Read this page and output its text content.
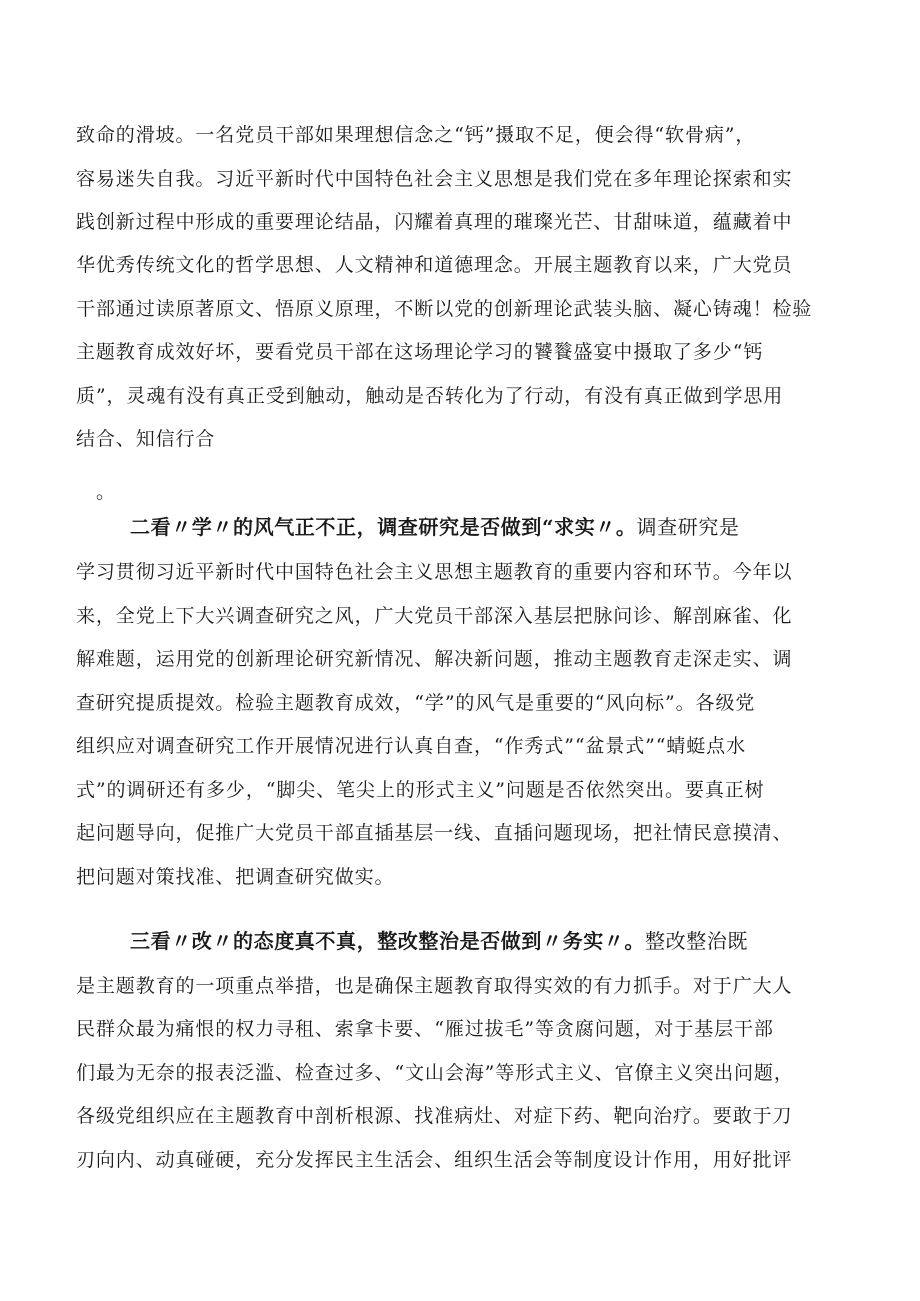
致命的滑坡。一名党员干部如果理想信念之“钙”摄取不足，便会得“软骨病”，
容易迷失自我。习近平新时代中国特色社会主义思想是我们党在多年理论探索和实
践创新过程中形成的重要理论结晶，闪耀着真理的璀璨光芒、甘甜味道，蕴藏着中
华优秀传统文化的哲学思想、人文精神和道德理念。开展主题教育以来，广大党员
干部通过读原著原文、悟原义原理，不断以党的创新理论武装头脑、凝心铸魂！检验
主题教育成效好坏，要看党员干部在这场理论学习的饕餮盛宴中摄取了多少“钙
质”，灵魂有没有真正受到触动，触动是否转化为了行动，有没有真正做到学思用
结合、知信行合
。
二看〃学〃的风气正不正，调查研究是否做到“求实〃。调查研究是
学习贯彻习近平新时代中国特色社会主义思想主题教育的重要内容和环节。今年以
来，全党上下大兴调查研究之风，广大党员干部深入基层把脉问诊、解剖麻雀、化
解难题，运用党的创新理论研究新情况、解决新问题，推动主题教育走深走实、调
查研究提质提效。检验主题教育成效，“学”的风气是重要的“风向标”。各级党
组织应对调查研究工作开展情况进行认真自查，“作秀式”“盆景式”“蜻蜓点水
式”的调研还有多少，“脚尖、笔尖上的形式主义”问题是否依然突出。要真正树
起问题导向，促推广大党员干部直插基层一线、直插问题现场，把社情民意摸清、
把问题对策找准、把调查研究做实。
三看〃改〃的态度真不真，整改整治是否做到〃务实〃。整改整治既
是主题教育的一项重点举措，也是确保主题教育取得实效的有力抓手。对于广大人
民群众最为痛恨的权力寻租、索拿卡要、“雁过拔毛”等贪腐问题，对于基层干部
们最为无奈的报表泛滥、检查过多、“文山会海”等形式主义、官僚主义突出问题，
各级党组织应在主题教育中剖析根源、找准病灶、对症下药、靶向治疗。要敢于刀
刃向内、动真碰硬，充分发挥民主生活会、组织生活会等制度设计作用，用好批评
